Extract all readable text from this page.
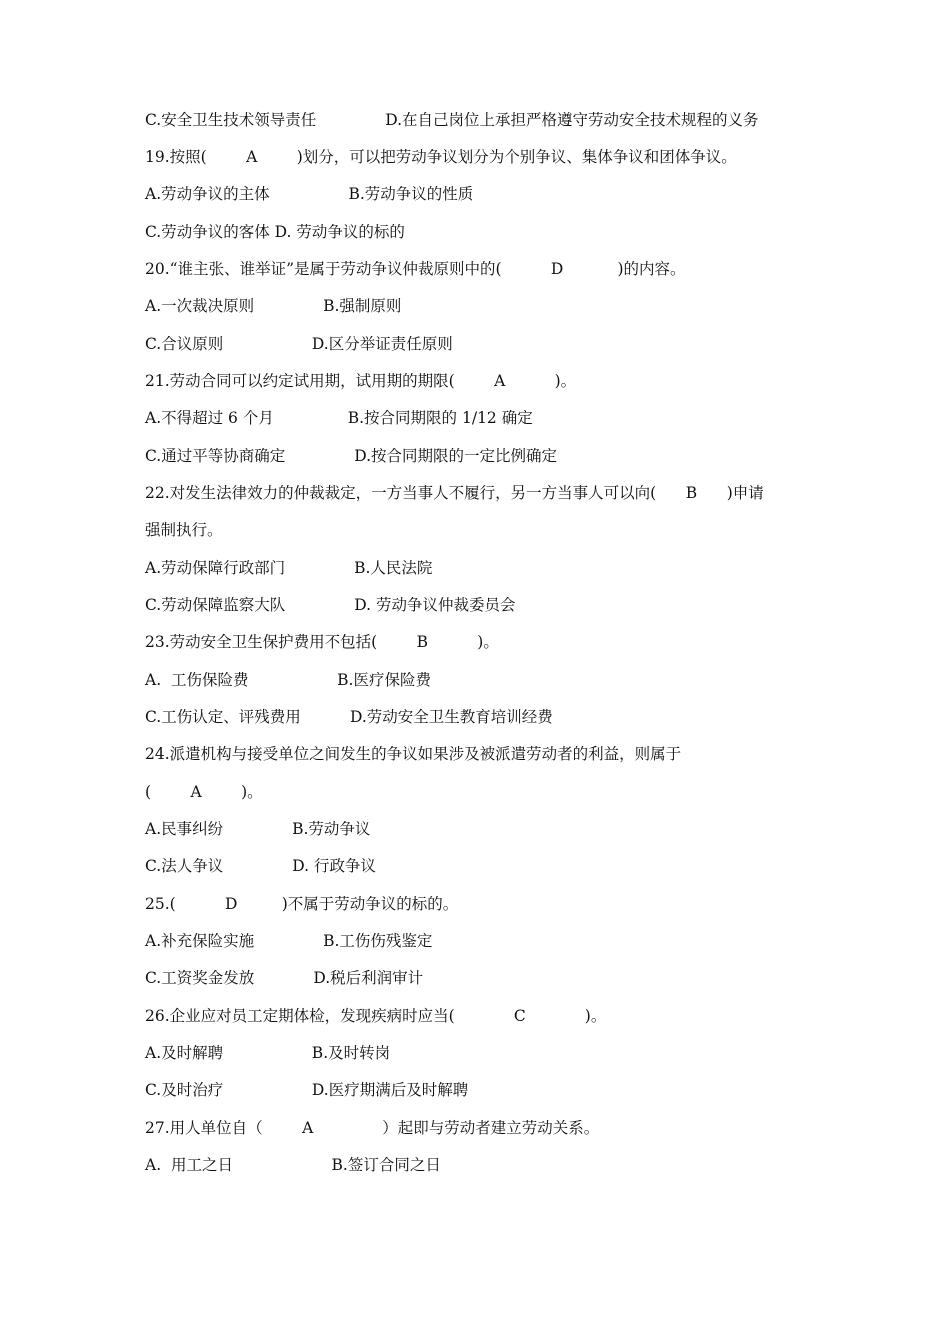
C.安全卫生技术领导责任              D.在自己岗位上承担严格遵守劳动安全技术规程的义务
19.按照(        A        )划分，可以把劳动争议划分为个别争议、集体争议和团体争议。
A.劳动争议的主体                B.劳动争议的性质
C.劳动争议的客体 D. 劳动争议的标的
20.“谁主张、谁举证”是属于劳动争议仲裁原则中的(          D           )的内容。
A.一次裁决原则              B.强制原则
C.合议原则                  D.区分举证责任原则
21.劳动合同可以约定试用期，试用期的期限(        A          )。
A.不得超过 6 个月               B.按合同期限的 1/12 确定
C.通过平等协商确定              D.按合同期限的一定比例确定
22.对发生法律效力的仲裁裁定，一方当事人不履行，另一方当事人可以向(      B      )申请
强制执行。
A.劳动保障行政部门              B.人民法院
C.劳动保障监察大队              D. 劳动争议仲裁委员会
23.劳动安全卫生保护费用不包括(        B          )。
A.  工伤保险费                  B.医疗保险费
C.工伤认定、评残费用          D.劳动安全卫生教育培训经费
24.派遣机构与接受单位之间发生的争议如果涉及被派遣劳动者的利益，则属于
(        A        )。
A.民事纠纷              B.劳动争议
C.法人争议              D. 行政争议
25.(          D         )不属于劳动争议的标的。
A.补充保险实施              B.工伤伤残鉴定
C.工资奖金发放            D.税后利润审计
26.企业应对员工定期体检，发现疾病时应当(            C            )。
A.及时解聘                  B.及时转岗
C.及时治疗                  D.医疗期满后及时解聘
27.用人单位自（        A              ）起即与劳动者建立劳动关系。
A.  用工之日                    B.签订合同之日
